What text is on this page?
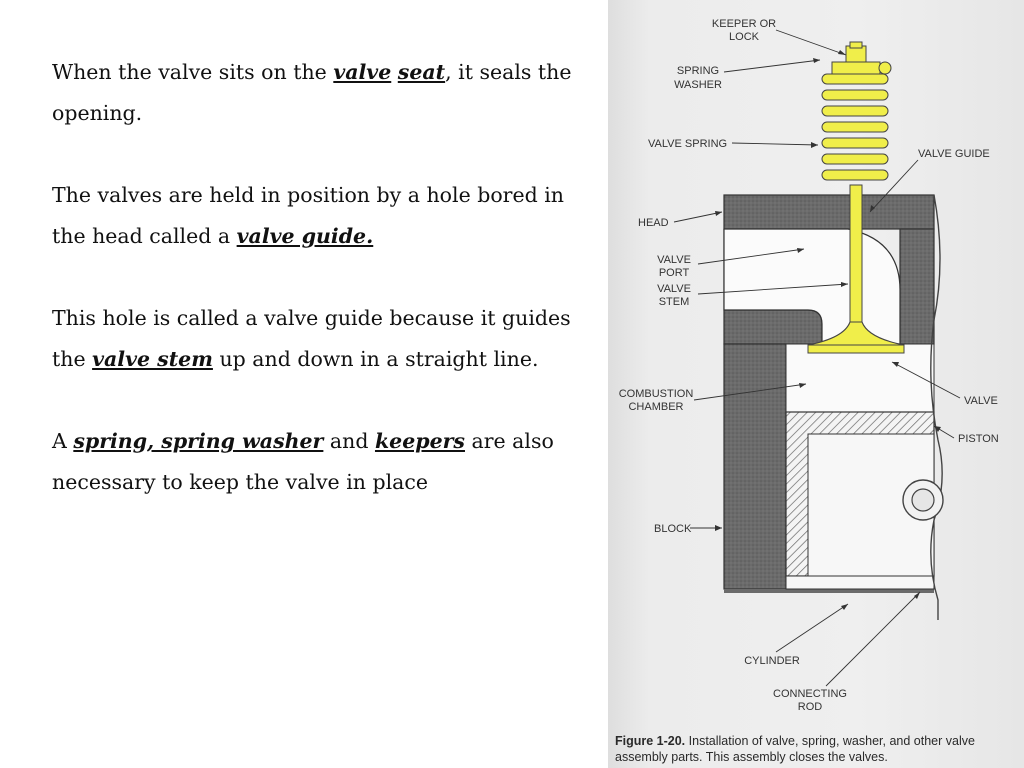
When the valve sits on the valve seat, it seals the opening.

The valves are held in position by a hole bored in the head called a valve guide.

This hole is called a valve guide because it guides the valve stem up and down in a straight line.

A spring, spring washer and keepers are also necessary to keep the valve in place

KEEPER OR
LOCK
SPRING
WASHER
VALVE SPRING
VALVE GUIDE
HEAD
VALVE
PORT
VALVE
STEM
COMBUSTION
CHAMBER	VALVE
PISTON
BLOCK
CYLINDER
CONNECTING
ROD
Figure 1-20. Installation of valve, spring, washer, and other valve assembly parts. This assembly closes the valves.
